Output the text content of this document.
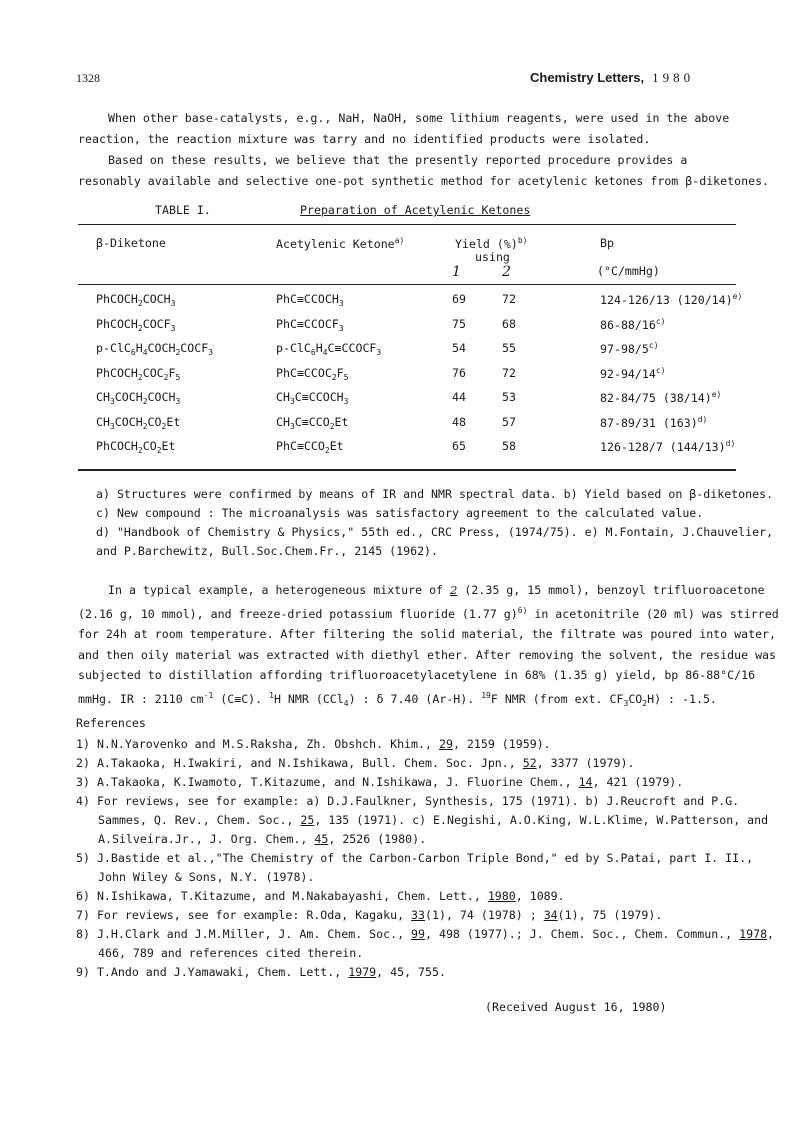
1328	Chemistry Letters, 1980
When other base-catalysts, e.g., NaH, NaOH, some lithium reagents, were used in the above
reaction, the reaction mixture was tarry and no identified products were isolated.
Based on these results, we believe that the presently reported procedure provides a
resonably available and selective one-pot synthetic method for acetylenic ketones from β-diketones.
TABLE I.	Preparation of Acetylenic Ketones
β-Diketone	Acetylenic Ketone$^{a)}$	Yield (%)$^{b)}$
using
1	2
Bp
(°C/mmHg)
$PhCOCH_2COCH_3$	$PhC\equiv CCOCH_3$	69	72	124-126/13 $(120/14)^{e)}$
$PhCOCH_2COCF_3$	$PhC\equiv CCOCF_3$	75	68	86-88/16$^{c)}$
$p-ClC_6H_4COCH_2COCF_3$	$p-ClC_6H_4C\equiv CCOCF_3$	54	55	97-98/5$^{c)}$
$PhCOCH_2COC_2F_5$	$PhC\equiv CCOC_2F_5$	76	72	92-94/14$^{c)}$
$CH_3COCH_2COCH_3$	$CH_3C\equiv CCOCH_3$	44	53	82-84/75 $(38/14)^{e)}$
$CH_3COCH_2CO_2Et$	$CH_3C\equiv CCO_2Et$	48	57	87-89/31 $(163)^{d)}$
$PhCOCH_2CO_2Et$	$PhC\equiv CCO_2Et$	65	58	126-128/7 $(144/13)^{d)}$
a) Structures were confirmed by means of IR and NMR spectral data. b) Yield based on β-diketones.
c) New compound : The microanalysis was satisfactory agreement to the calculated value.
d) "Handbook of Chemistry & Physics," 55th ed., CRC Press, (1974/75). e) M.Fontain, J.Chauvelier,
and P.Barchewitz, Bull.Soc.Chem.Fr., 2145 (1962).
In a typical example, a heterogeneous mixture of 2 (2.35 g, 15 mmol), benzoyl trifluoroacetone
(2.16 g, 10 mmol), and freeze-dried potassium fluoride (1.77 g)$^{6)}$ in acetonitrile (20 ml) was stirred
for 24h at room temperature. After filtering the solid material, the filtrate was poured into water,
and then oily material was extracted with diethyl ether. After removing the solvent, the residue was
subjected to distillation affording trifluoroacetylacetylene in 68% (1.35 g) yield, bp 86-88°C/16
mmHg. IR : 2110 $cm^{-1}$ (C≡C). $^1$H NMR (CCl$_4$) : δ 7.40 (Ar-H). $^{19}$F NMR (from ext. $CF_3CO_2H$) : -1.5.
References
1) N.N.Yarovenko and M.S.Raksha, Zh. Obshch. Khim., 29, 2159 (1959).
2) A.Takaoka, H.Iwakiri, and N.Ishikawa, Bull. Chem. Soc. Jpn., 52, 3377 (1979).
3) A.Takaoka, K.Iwamoto, T.Kitazume, and N.Ishikawa, J. Fluorine Chem., 14, 421 (1979).
4) For reviews, see for example: a) D.J.Faulkner, Synthesis, 175 (1971). b) J.Reucroft and P.G.
Sammes, Q. Rev., Chem. Soc., 25, 135 (1971). c) E.Negishi, A.O.King, W.L.Klime, W.Patterson, and
A.Silveira.Jr., J. Org. Chem., 45, 2526 (1980).
5) J.Bastide et al.,"The Chemistry of the Carbon-Carbon Triple Bond," ed by S.Patai, part I. II.,
John Wiley & Sons, N.Y. (1978).
6) N.Ishikawa, T.Kitazume, and M.Nakabayashi, Chem. Lett., 1980, 1089.
7) For reviews, see for example: R.Oda, Kagaku, 33(1), 74 (1978) ; 34(1), 75 (1979).
8) J.H.Clark and J.M.Miller, J. Am. Chem. Soc., 99, 498 (1977).; J. Chem. Soc., Chem. Commun., 1978,
466, 789 and references cited therein.
9) T.Ando and J.Yamawaki, Chem. Lett., 1979, 45, 755.
(Received August 16, 1980)
